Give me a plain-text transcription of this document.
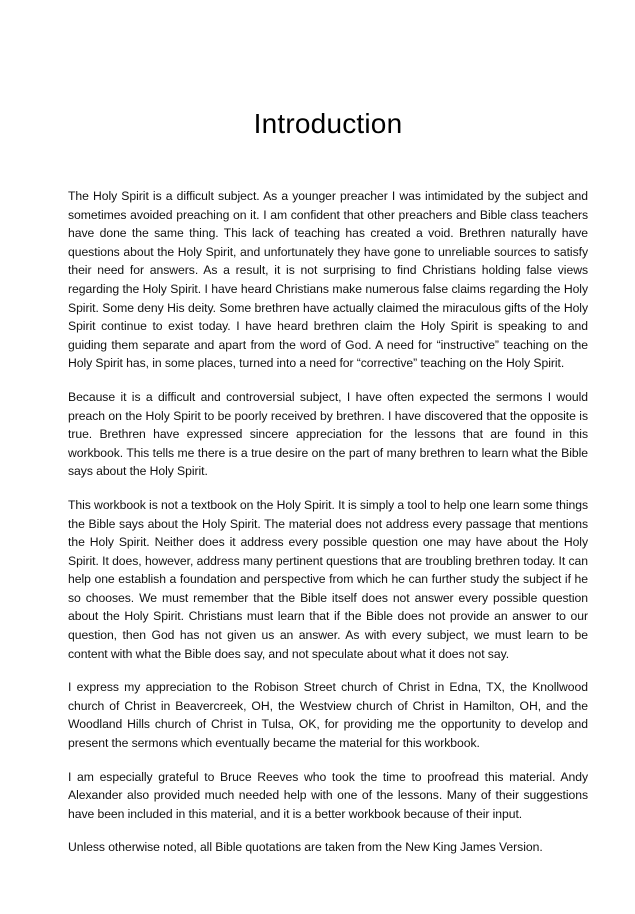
Introduction

The Holy Spirit is a difficult subject. As a younger preacher I was intimidated by the subject and sometimes avoided preaching on it. I am confident that other preachers and Bible class teachers have done the same thing. This lack of teaching has created a void. Brethren naturally have questions about the Holy Spirit, and unfortunately they have gone to unreliable sources to satisfy their need for answers. As a result, it is not surprising to find Christians holding false views regarding the Holy Spirit. I have heard Christians make numerous false claims regarding the Holy Spirit. Some deny His deity. Some brethren have actually claimed the miraculous gifts of the Holy Spirit continue to exist today. I have heard brethren claim the Holy Spirit is speaking to and guiding them separate and apart from the word of God. A need for “instructive” teaching on the Holy Spirit has, in some places, turned into a need for “corrective” teaching on the Holy Spirit.

Because it is a difficult and controversial subject, I have often expected the sermons I would preach on the Holy Spirit to be poorly received by brethren. I have discovered that the opposite is true. Brethren have expressed sincere appreciation for the lessons that are found in this workbook. This tells me there is a true desire on the part of many brethren to learn what the Bible says about the Holy Spirit.

This workbook is not a textbook on the Holy Spirit. It is simply a tool to help one learn some things the Bible says about the Holy Spirit. The material does not address every passage that mentions the Holy Spirit. Neither does it address every possible question one may have about the Holy Spirit. It does, however, address many pertinent questions that are troubling brethren today. It can help one establish a foundation and perspective from which he can further study the subject if he so chooses. We must remember that the Bible itself does not answer every possible question about the Holy Spirit. Christians must learn that if the Bible does not provide an answer to our question, then God has not given us an answer. As with every subject, we must learn to be content with what the Bible does say, and not speculate about what it does not say.

I express my appreciation to the Robison Street church of Christ in Edna, TX, the Knollwood church of Christ in Beavercreek, OH, the Westview church of Christ in Hamilton, OH, and the Woodland Hills church of Christ in Tulsa, OK, for providing me the opportunity to develop and present the sermons which eventually became the material for this workbook.

I am especially grateful to Bruce Reeves who took the time to proofread this material. Andy Alexander also provided much needed help with one of the lessons. Many of their suggestions have been included in this material, and it is a better workbook because of their input.

Unless otherwise noted, all Bible quotations are taken from the New King James Version.
